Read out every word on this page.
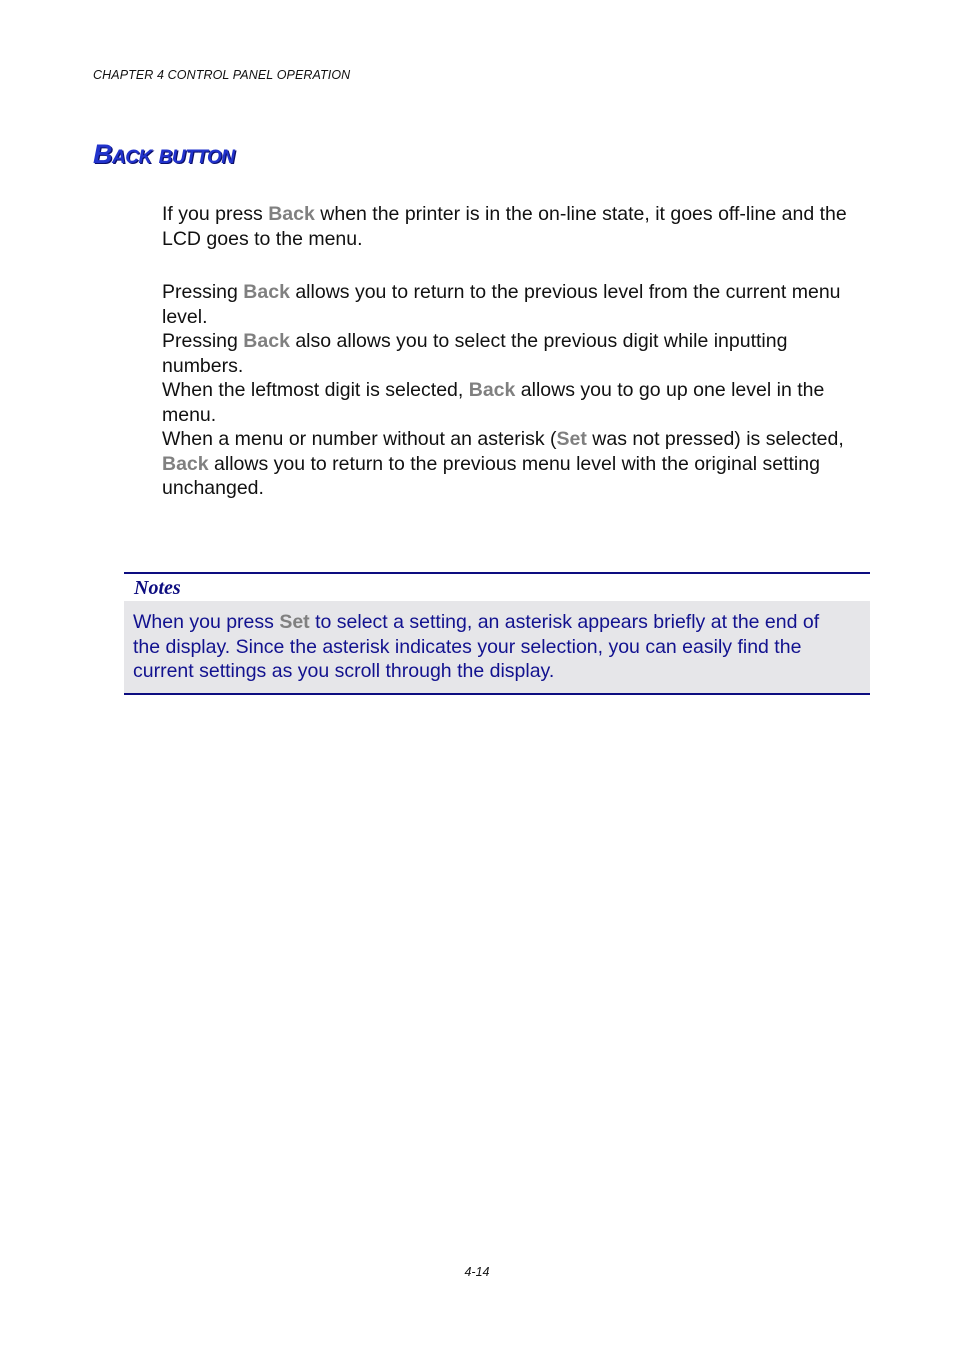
CHAPTER 4 CONTROL PANEL OPERATION
Back button

If you press Back when the printer is in the on-line state, it goes off-line and the LCD goes to the menu.

Pressing Back allows you to return to the previous level from the current menu level.

Pressing Back also allows you to select the previous digit while inputting numbers.

When the leftmost digit is selected, Back allows you to go up one level in the menu.

When a menu or number without an asterisk (Set was not pressed) is selected, Back allows you to return to the previous menu level with the original setting unchanged.

Notes
When you press Set to select a setting, an asterisk appears briefly at the end of the display. Since the asterisk indicates your selection, you can easily find the current settings as you scroll through the display.
4-14
